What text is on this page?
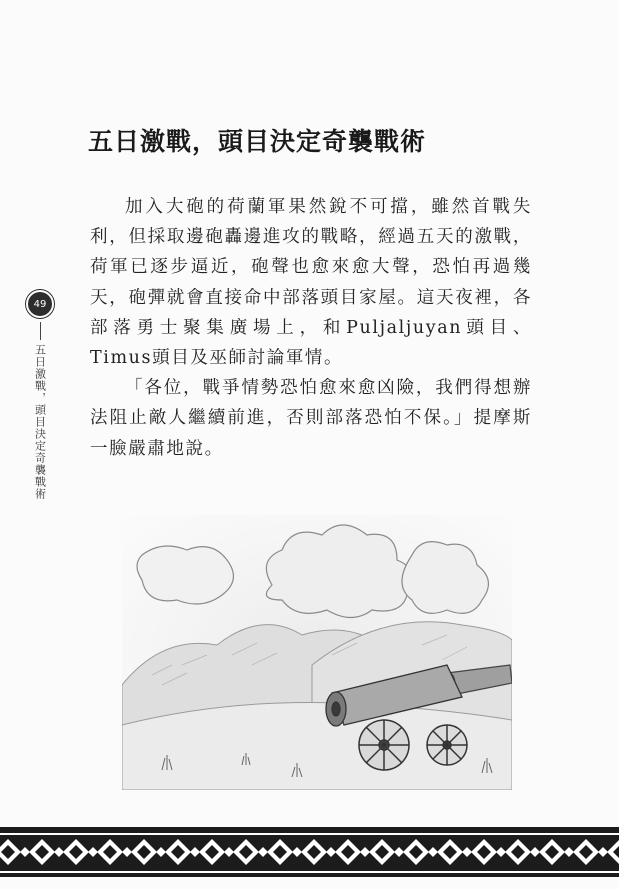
49
五日激戰，頭目決定奇襲戰術
五日激戰，頭目決定奇襲戰術

加入大砲的荷蘭軍果然銳不可擋，雖然首戰失利，但採取邊砲轟邊進攻的戰略，經過五天的激戰，荷軍已逐步逼近，砲聲也愈來愈大聲，恐怕再過幾天，砲彈就會直接命中部落頭目家屋。這天夜裡，各部落勇士聚集廣場上，和Puljaljuyan頭目、Timus頭目及巫師討論軍情。

「各位，戰爭情勢恐怕愈來愈凶險，我們得想辦法阻止敵人繼續前進，否則部落恐怕不保。」提摩斯一臉嚴肅地說。
